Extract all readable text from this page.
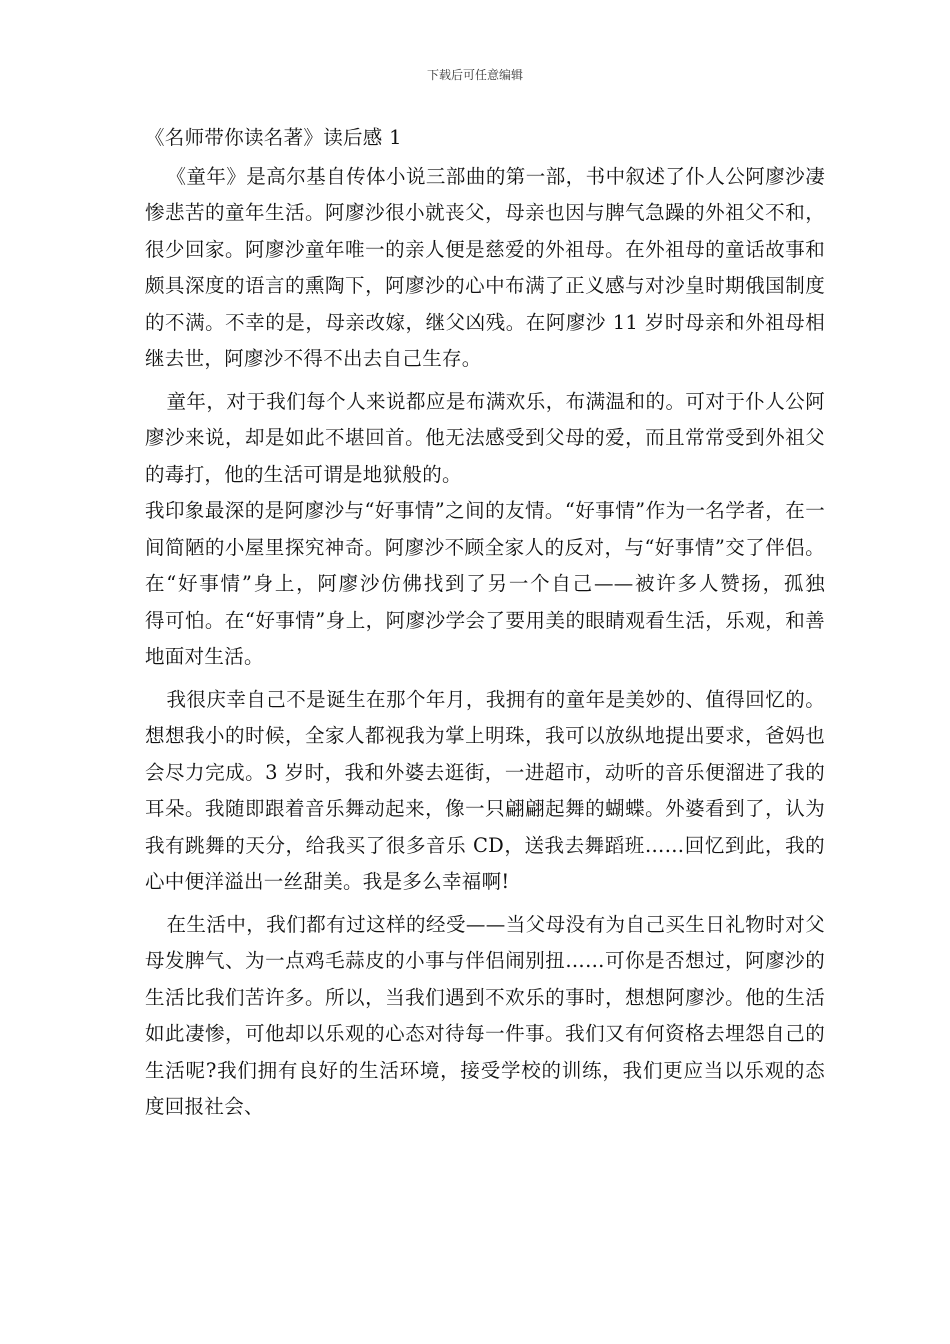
下载后可任意编辑
《名师带你读名著》读后感 1

《童年》是高尔基自传体小说三部曲的第一部，书中叙述了仆人公阿廖沙凄惨悲苦的童年生活。阿廖沙很小就丧父，母亲也因与脾气急躁的外祖父不和，很少回家。阿廖沙童年唯一的亲人便是慈爱的外祖母。在外祖母的童话故事和颇具深度的语言的熏陶下，阿廖沙的心中布满了正义感与对沙皇时期俄国制度的不满。不幸的是，母亲改嫁，继父凶残。在阿廖沙 11 岁时母亲和外祖母相继去世，阿廖沙不得不出去自己生存。

童年，对于我们每个人来说都应是布满欢乐，布满温和的。可对于仆人公阿廖沙来说，却是如此不堪回首。他无法感受到父母的爱，而且常常受到外祖父的毒打，他的生活可谓是地狱般的。

我印象最深的是阿廖沙与“好事情”之间的友情。“好事情”作为一名学者，在一间简陋的小屋里探究神奇。阿廖沙不顾全家人的反对，与“好事情”交了伴侣。在“好事情”身上，阿廖沙仿佛找到了另一个自己——被许多人赞扬，孤独　 得可怕。在“好事情”身上，阿廖沙学会了要用美的眼睛观看生活，乐观，和善地面对生活。

我很庆幸自己不是诞生在那个年月，我拥有的童年是美妙的、值得回忆的。想想我小的时候，全家人都视我为掌上明珠，我可以放纵地提出要求，爸妈也会尽力完成。3 岁时，我和外婆去逛街，一进超市，动听的音乐便溜进了我的耳朵。我随即跟着音乐舞动起来，像一只翩翩起舞的蝴蝶。外婆看到了，认为我有跳舞的天分，给我买了很多音乐 CD，送我去舞蹈班……回忆到此，我的心中便洋溢出一丝甜美。我是多么幸福啊!

在生活中，我们都有过这样的经受——当父母没有为自己买生日礼物时对父母发脾气、为一点鸡毛蒜皮的小事与伴侣闹别扭……可你是否想过，阿廖沙的生活比我们苦许多。所以，当我们遇到不欢乐的事时，想想阿廖沙。他的生活如此凄惨，可他却以乐观的心态对待每一件事。我们又有何资格去埋怨自己的生活呢?我们拥有良好的生活环境，接受学校的训练，我们更应当以乐观的态度回报社会、
